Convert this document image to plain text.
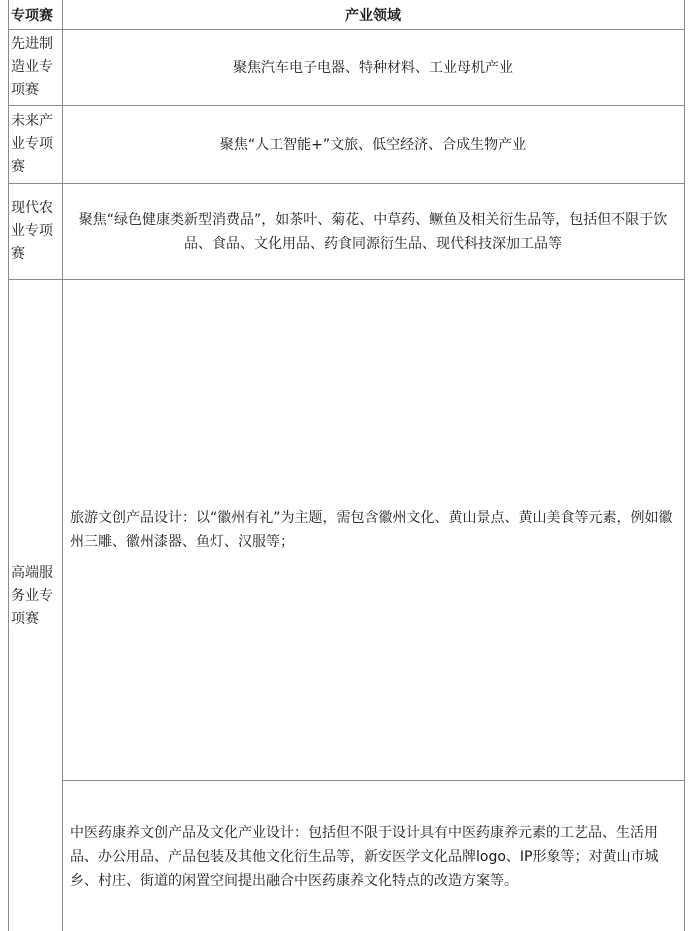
专项赛	产业领域
先进制造业专项赛
聚焦汽车电子电器、特种材料、工业母机产业
未来产业专项赛
聚焦“人工智能+”文旅、低空经济、合成生物产业
现代农业专项赛
聚焦“绿色健康类新型消费品”，如茶叶、菊花、中草药、鳜鱼及相关衍生品等，包括但不限于饮品、食品、文化用品、药食同源衍生品、现代科技深加工品等
高端服务业专项赛
旅游文创产品设计：以“徽州有礼”为主题，需包含徽州文化、黄山景点、黄山美食等元素，例如徽州三雕、徽州漆器、鱼灯、汉服等；
中医药康养文创产品及文化产业设计：包括但不限于设计具有中医药康养元素的工艺品、生活用品、办公用品、产品包装及其他文化衍生品等，新安医学文化品牌logo、IP形象等；对黄山市城乡、村庄、街道的闲置空间提出融合中医药康养文化特点的改造方案等。
